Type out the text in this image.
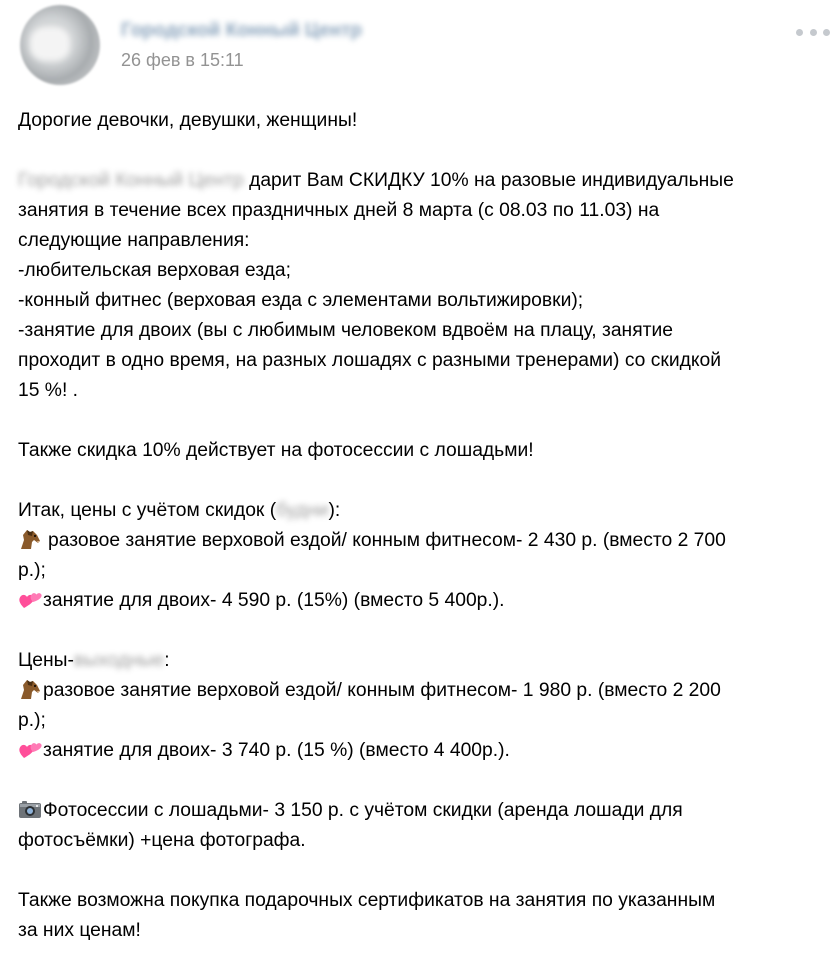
Городской Конный Центр
26 фев в 15:11
Дорогие девочки, девушки, женщины!
Городской Конный Центр дарит Вам СКИДКУ 10% на разовые индивидуальные
занятия в течение всех праздничных дней 8 марта (с 08.03 по 11.03) на
следующие направления:
-любительская верховая езда;
-конный фитнес (верховая езда с элементами вольтижировки);
-занятие для двоих (вы с любимым человеком вдвоём на плацу, занятие
проходит в одно время, на разных лошадях с разными тренерами) со скидкой
15 %! .
Также скидка 10% действует на фотосессии с лошадьми!
Итак, цены с учётом скидок (будни):
разовое занятие верховой ездой/ конным фитнесом- 2 430 р. (вместо 2 700
р.);
занятие для двоих- 4 590 р. (15%) (вместо 5 400р.).
Цены-выходные:
разовое занятие верховой ездой/ конным фитнесом- 1 980 р. (вместо 2 200
р.);
занятие для двоих- 3 740 р. (15 %) (вместо 4 400р.).
Фотосессии с лошадьми- 3 150 р. с учётом скидки (аренда лошади для
фотосъёмки) +цена фотографа.
Также возможна покупка подарочных сертификатов на занятия по указанным
за них ценам!
